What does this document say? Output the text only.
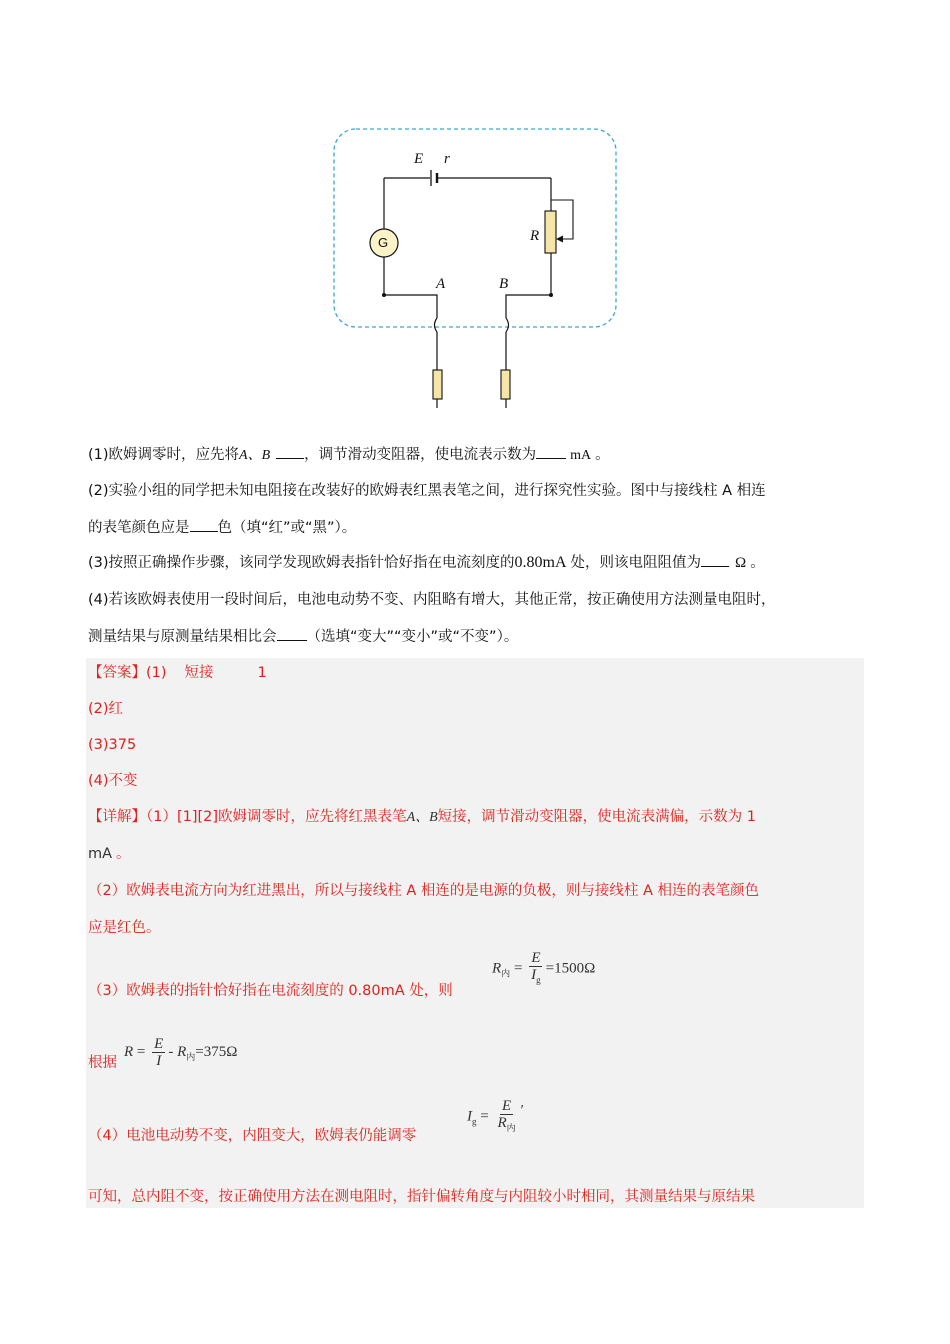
E r
G	R
A	B
(1)欧姆调零时，应先将A、B ，调节滑动变阻器，使电流表示数为 mA 。
(2)实验小组的同学把未知电阻接在改装好的欧姆表红黑表笔之间，进行探究性实验。图中与接线柱 A 相连
的表笔颜色应是 色（填“红”或“黑”）。
(3)按照正确操作步骤，该同学发现欧姆表指针恰好指在电流刻度的0.80mA 处，则该电阻阻值为 Ω 。
(4)若该欧姆表使用一段时间后，电池电动势不变、内阻略有增大，其他正常，按正确使用方法测量电阻时，
测量结果与原测量结果相比会 （选填“变大”“变小”或“不变”）。
【答案】(1) 短接	1
(2)红
(3)375
(4)不变
【详解】（1）[1][2]欧姆调零时，应先将红黑表笔A、B短接，调节滑动变阻器，使电流表满偏，示数为 1
mA 。
（2）欧姆表电流方向为红进黑出，所以与接线柱 A 相连的是电源的负极，则与接线柱 A 相连的表笔颜色
应是红色。
（3）欧姆表的指针恰好指在电流刻度的 0.80mA 处，则
$R_内 = \frac{E}{I_g} =1500\Omega$
根据
$R = \frac{E}{I} - R_内=375\Omega$
（4）电池电动势不变，内阻变大，欧姆表仍能调零
$I_g = \frac{E}{R_内}$ ′
可知，总内阻不变，按正确使用方法在测电阻时，指针偏转角度与内阻较小时相同，其测量结果与原结果
